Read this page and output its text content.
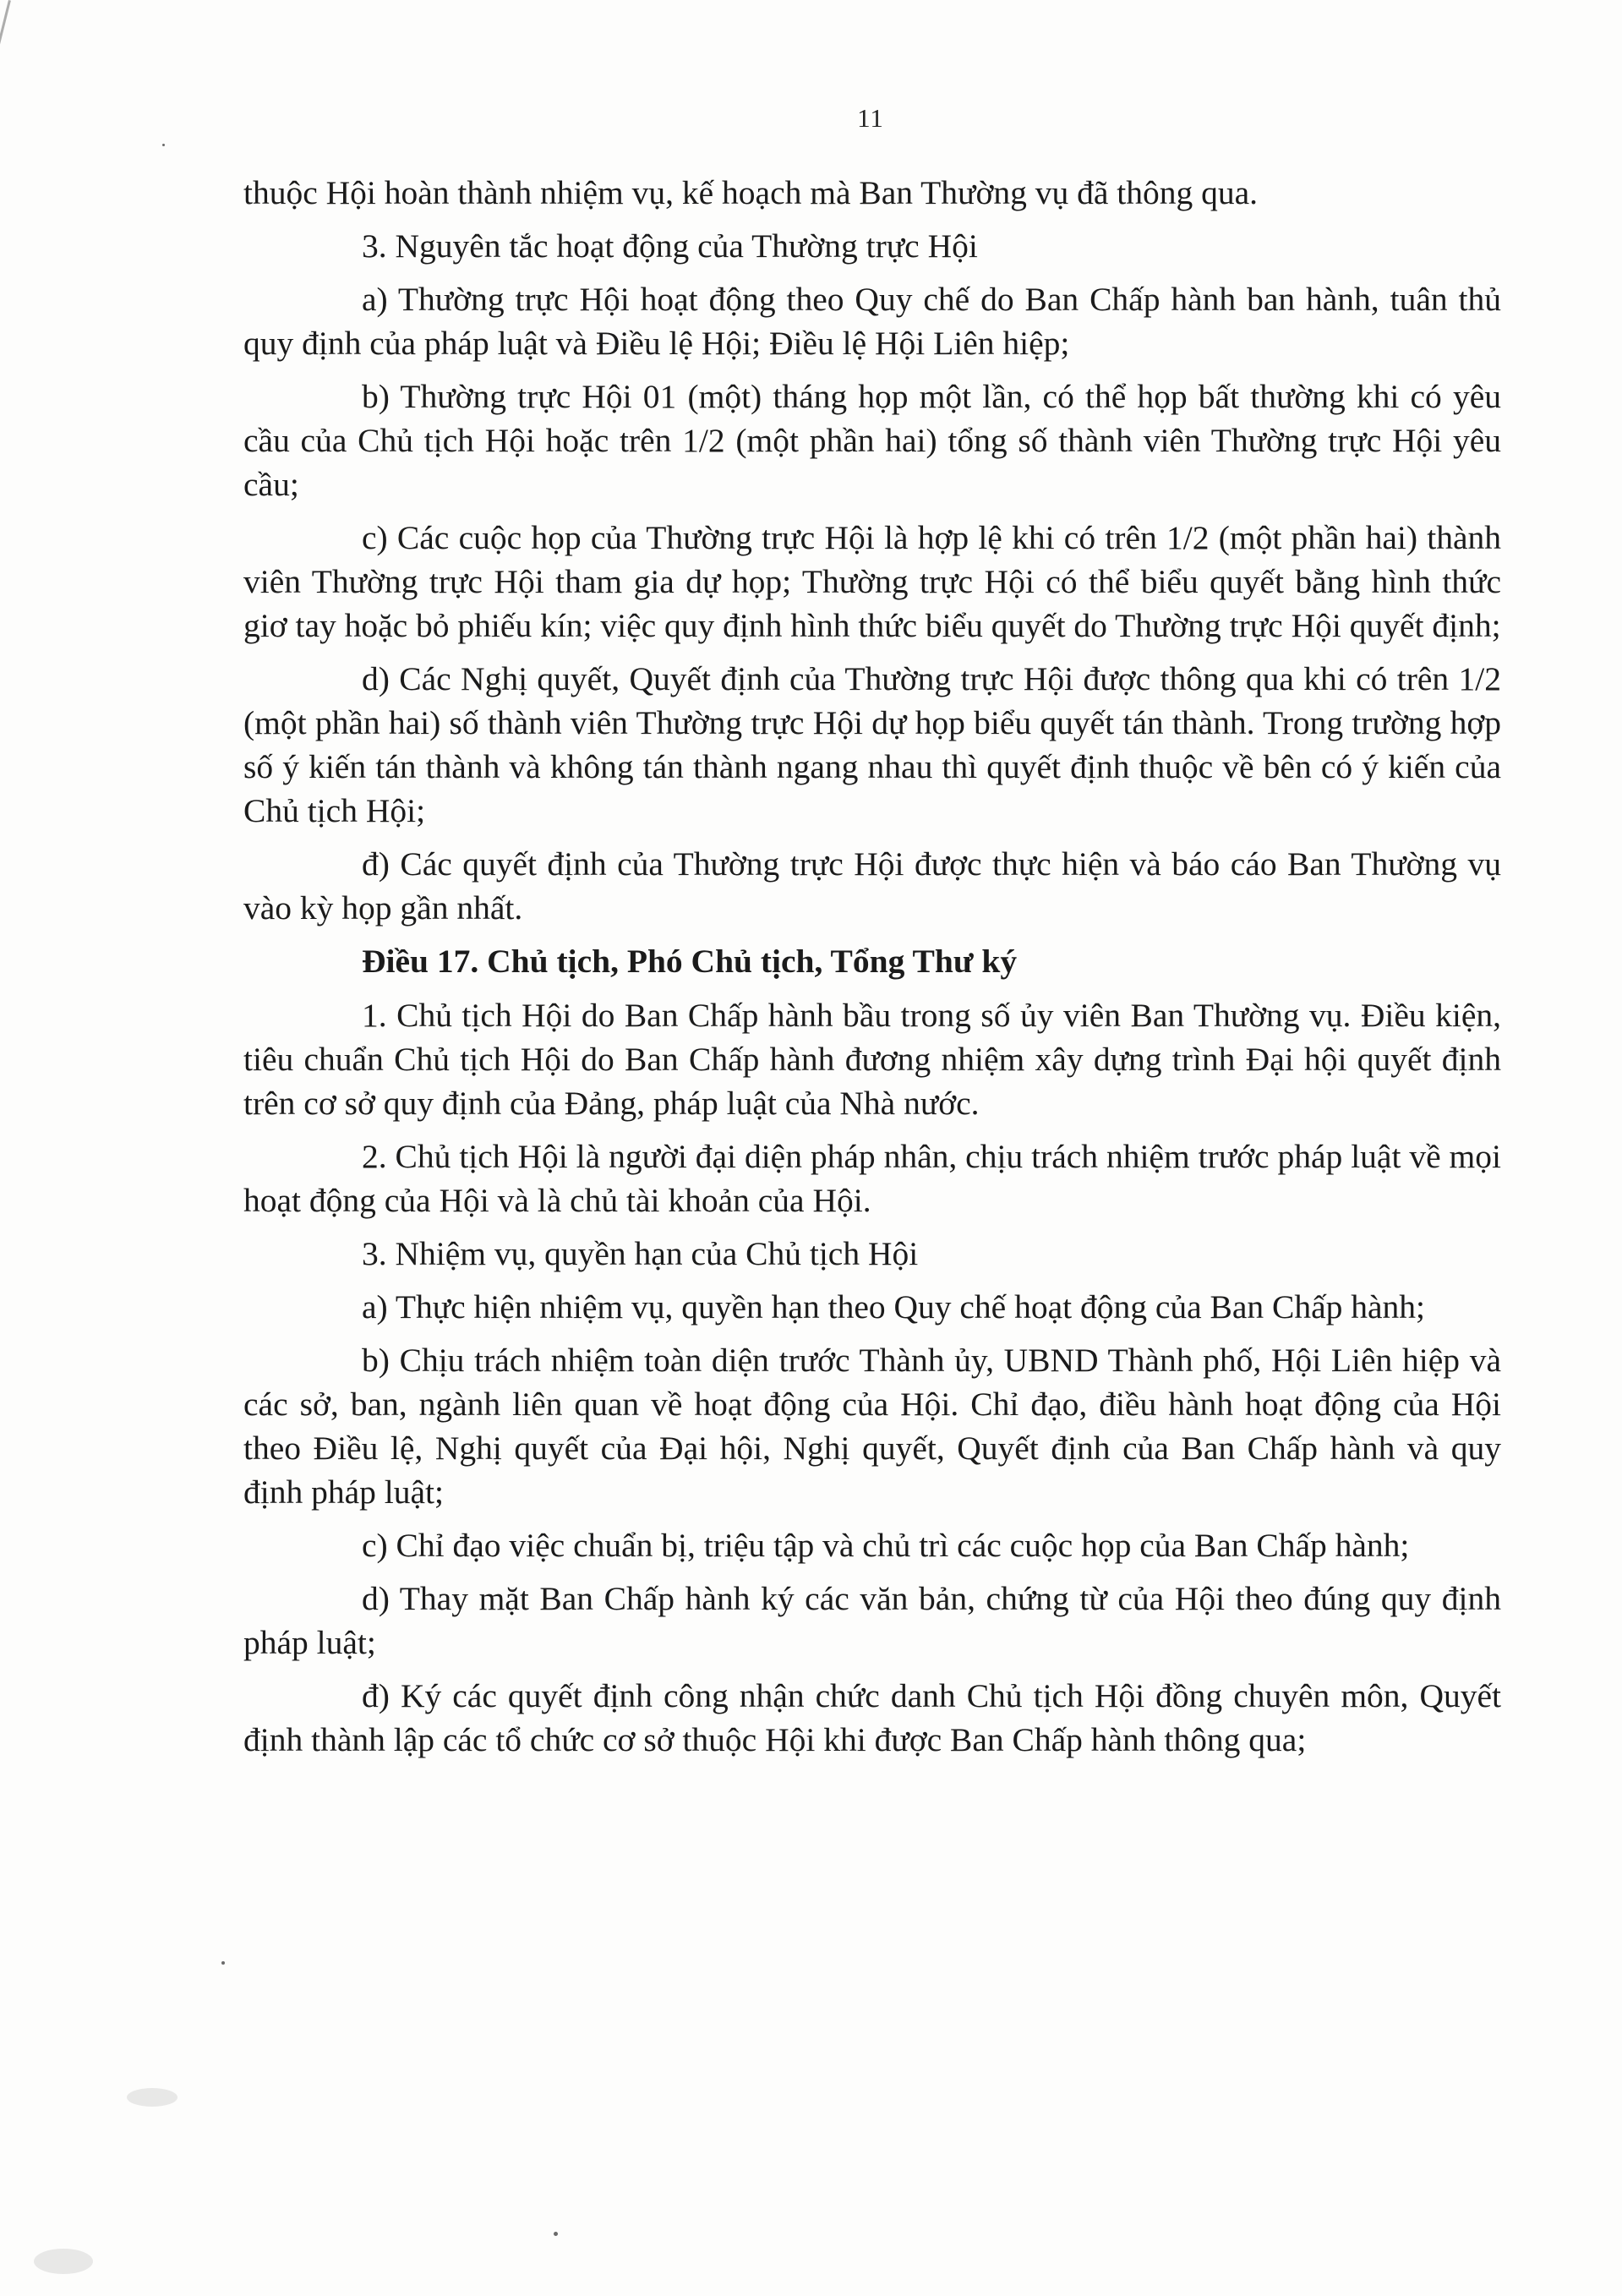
11

thuộc Hội hoàn thành nhiệm vụ, kế hoạch mà Ban Thường vụ đã thông qua.

3. Nguyên tắc hoạt động của Thường trực Hội

a) Thường trực Hội hoạt động theo Quy chế do Ban Chấp hành ban hành, tuân thủ quy định của pháp luật và Điều lệ Hội; Điều lệ Hội Liên hiệp;

b) Thường trực Hội 01 (một) tháng họp một lần, có thể họp bất thường khi có yêu cầu của Chủ tịch Hội hoặc trên 1/2 (một phần hai) tổng số thành viên Thường trực Hội yêu cầu;

c) Các cuộc họp của Thường trực Hội là hợp lệ khi có trên 1/2 (một phần hai) thành viên Thường trực Hội tham gia dự họp; Thường trực Hội có thể biểu quyết bằng hình thức giơ tay hoặc bỏ phiếu kín; việc quy định hình thức biểu quyết do Thường trực Hội quyết định;

d) Các Nghị quyết, Quyết định của Thường trực Hội được thông qua khi có trên 1/2 (một phần hai) số thành viên Thường trực Hội dự họp biểu quyết tán thành. Trong trường hợp số ý kiến tán thành và không tán thành ngang nhau thì quyết định thuộc về bên có ý kiến của Chủ tịch Hội;

đ) Các quyết định của Thường trực Hội được thực hiện và báo cáo Ban Thường vụ vào kỳ họp gần nhất.

Điều 17. Chủ tịch, Phó Chủ tịch, Tổng Thư ký

1. Chủ tịch Hội do Ban Chấp hành bầu trong số ủy viên Ban Thường vụ. Điều kiện, tiêu chuẩn Chủ tịch Hội do Ban Chấp hành đương nhiệm xây dựng trình Đại hội quyết định trên cơ sở quy định của Đảng, pháp luật của Nhà nước.

2. Chủ tịch Hội là người đại diện pháp nhân, chịu trách nhiệm trước pháp luật về mọi hoạt động của Hội và là chủ tài khoản của Hội.

3. Nhiệm vụ, quyền hạn của Chủ tịch Hội

a) Thực hiện nhiệm vụ, quyền hạn theo Quy chế hoạt động của Ban Chấp hành;

b) Chịu trách nhiệm toàn diện trước Thành ủy, UBND Thành phố, Hội Liên hiệp và các sở, ban, ngành liên quan về hoạt động của Hội. Chỉ đạo, điều hành hoạt động của Hội theo Điều lệ, Nghị quyết của Đại hội, Nghị quyết, Quyết định của Ban Chấp hành và quy định pháp luật;

c) Chỉ đạo việc chuẩn bị, triệu tập và chủ trì các cuộc họp của Ban Chấp hành;

d) Thay mặt Ban Chấp hành ký các văn bản, chứng từ của Hội theo đúng quy định pháp luật;

đ) Ký các quyết định công nhận chức danh Chủ tịch Hội đồng chuyên môn, Quyết định thành lập các tổ chức cơ sở thuộc Hội khi được Ban Chấp hành thông qua;
